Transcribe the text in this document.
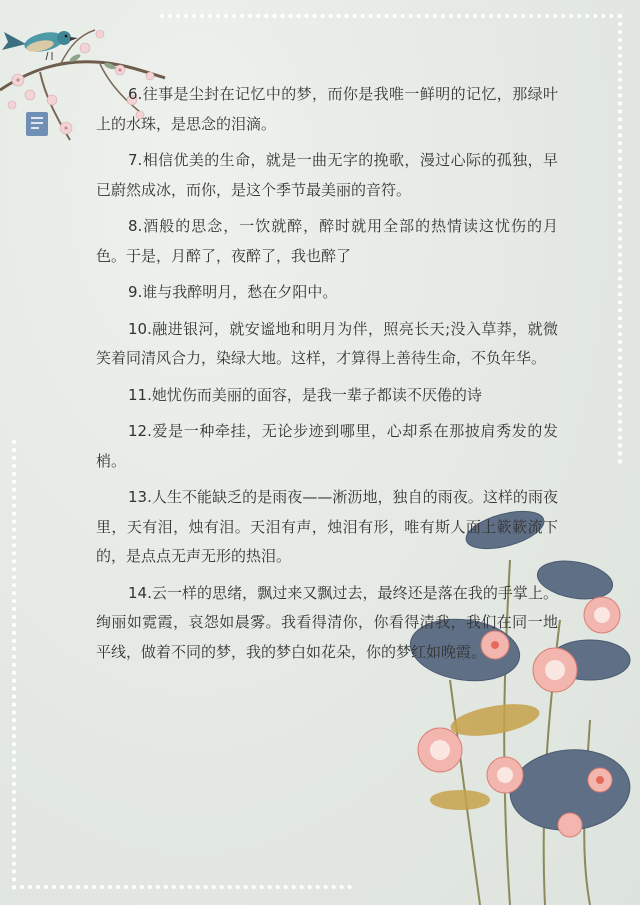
6.往事是尘封在记忆中的梦，而你是我唯一鲜明的记忆，那绿叶上的水珠，是思念的泪滴。

7.相信优美的生命，就是一曲无字的挽歌，漫过心际的孤独，早已蔚然成冰，而你，是这个季节最美丽的音符。

8.酒般的思念，一饮就醉，醉时就用全部的热情读这忧伤的月色。于是，月醉了，夜醉了，我也醉了

9.谁与我醉明月，愁在夕阳中。

10.融进银河，就安谧地和明月为伴，照亮长天;没入草莽，就微笑着同清风合力，染绿大地。这样，才算得上善待生命，不负年华。

11.她忧伤而美丽的面容，是我一辈子都读不厌倦的诗

12.爱是一种牵挂，无论步迹到哪里，心却系在那披肩秀发的发梢。

13.人生不能缺乏的是雨夜——淅沥地，独自的雨夜。这样的雨夜里，天有泪，烛有泪。天泪有声，烛泪有形，唯有斯人面上簌簌流下的，是点点无声无形的热泪。

14.云一样的思绪，飘过来又飘过去，最终还是落在我的手掌上。绚丽如霓霞，哀怨如晨雾。我看得清你，你看得清我，我们在同一地平线，做着不同的梦，我的梦白如花朵，你的梦红如晚霞。
